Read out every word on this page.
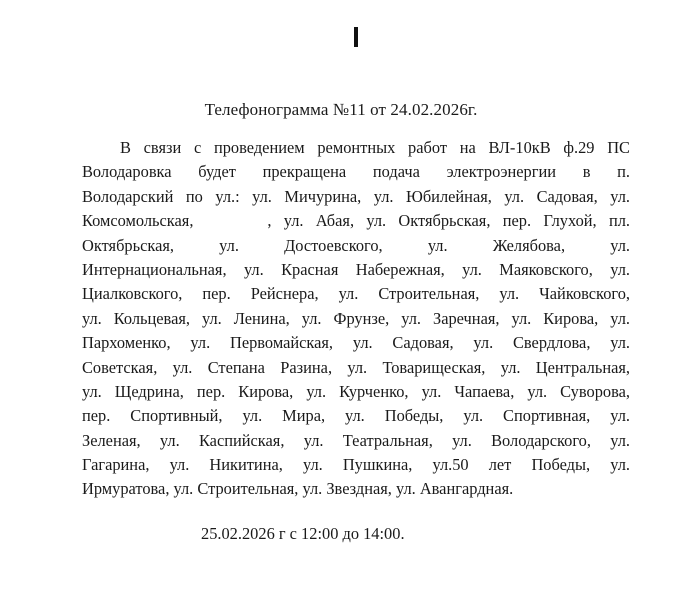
Телефонограмма №11 от 24.02.2026г.
В связи с проведением ремонтных работ на ВЛ-10кВ ф.29 ПС
Володаровка будет прекращена подача электроэнергии в п.
Володарский по ул.: ул. Мичурина, ул. Юбилейная, ул. Садовая, ул.
Комсомольская,      , ул. Абая, ул. Октябрьская, пер. Глухой, пл.
Октябрьская, ул. Достоевского, ул. Желябова, ул.
Интернациональная, ул. Красная Набережная, ул. Маяковского, ул.
Циалковского, пер. Рейснера, ул. Строительная, ул. Чайковского,
ул. Кольцевая, ул. Ленина, ул. Фрунзе, ул. Заречная, ул. Кирова, ул.
Пархоменко, ул. Первомайская, ул. Садовая, ул. Свердлова, ул.
Советская, ул. Степана Разина, ул. Товарищеская, ул. Центральная,
ул. Щедрина, пер. Кирова, ул. Курченко, ул. Чапаева, ул. Суворова,
пер. Спортивный, ул. Мира, ул. Победы, ул. Спортивная, ул.
Зеленая, ул. Каспийская, ул. Театральная, ул. Володарского, ул.
Гагарина, ул. Никитина, ул. Пушкина, ул.50 лет Победы, ул.
Ирмуратова, ул. Строительная, ул. Звездная, ул. Авангардная.
25.02.2026 г с 12:00 до 14:00.
